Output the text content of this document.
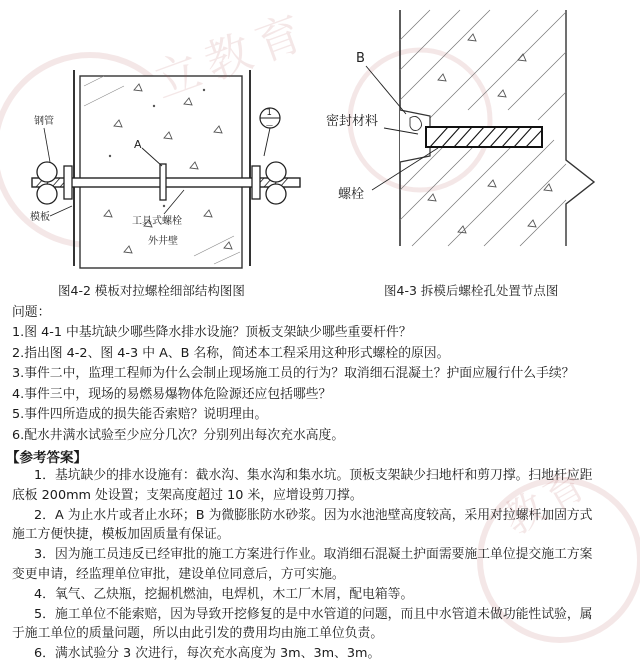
A
1
—
钢管
模板	工具式螺栓
外井壁
B
密封材料
螺栓
图4-2 模板对拉螺栓细部结构图图	图4-3 拆模后螺栓孔处置节点图
问题：
1.图 4-1 中基坑缺少哪些降水排水设施？顶板支架缺少哪些重要杆件？
2.指出图 4-2、图 4-3 中 A、B 名称，简述本工程采用这种形式螺栓的原因。
3.事件二中，监理工程师为什么会制止现场施工员的行为？取消细石混凝土？护面应履行什么手续？
4.事件三中，现场的易燃易爆物体危险源还应包括哪些？
5.事件四所造成的损失能否索赔？说明理由。
6.配水井满水试验至少应分几次？分别列出每次充水高度。
【参考答案】
1．基坑缺少的排水设施有：截水沟、集水沟和集水坑。顶板支架缺少扫地杆和剪刀撑。扫地杆应距
底板 200mm 处设置；支架高度超过 10 米，应增设剪刀撑。
2．A 为止水片或者止水环；B 为微膨胀防水砂浆。因为水池池壁高度较高，采用对拉螺杆加固方式
施工方便快捷，模板加固质量有保证。
3．因为施工员违反已经审批的施工方案进行作业。取消细石混凝土护面需要施工单位提交施工方案
变更申请，经监理单位审批，建设单位同意后，方可实施。
4．氧气、乙炔瓶，挖掘机燃油，电焊机，木工厂木屑，配电箱等。
5．施工单位不能索赔，因为导致开挖修复的是中水管道的问题，而且中水管道未做功能性试验，属
于施工单位的质量问题，所以由此引发的费用均由施工单位负责。
6．满水试验分 3 次进行，每次充水高度为 3m、3m、3m。
立教育
教育
